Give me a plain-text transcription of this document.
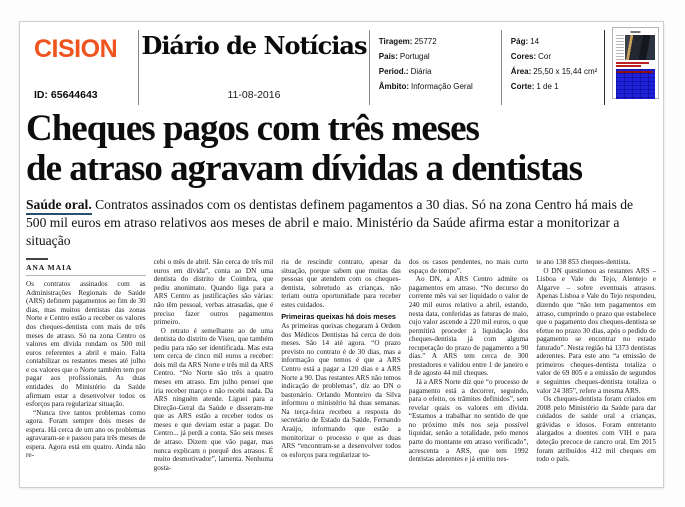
CISION
ID: 65644643
Diário de Notícias
11-08-2016
Tiragem: 25772
País: Portugal
Period.: Diária
Âmbito: Informação Geral
Pág: 14
Cores: Cor
Área: 25,50 x 15,44 cm²
Corte: 1 de 1
Cheques pagos com três meses
de atraso agravam dívidas a dentistas
Saúde oral. Contratos assinados com os dentistas definem pagamentos a 30 dias. Só na zona Centro há mais de 500 mil euros em atraso relativos aos meses de abril e maio. Ministério da Saúde afirma estar a monitorizar a situação
ANA MAIA

Os contratos assinados com as Administrações Regionais de Saúde (ARS) definem pagamentos ao fim de 30 dias, mas muitos dentistas das zonas Norte e Centro estão a receber os valores dos cheques-dentista com mais de três meses de atraso. Só na zona Centro os valores em dívida rondam os 500 mil euros referentes a abril e maio. Falta contabilizar os restantes meses até julho e os valores que o Norte também tem por pagar aos profissionais. As duas entidades do Ministério da Saúde afirmam estar a desenvolver todos os esforços para regularizar situação.

“Nunca tive tantos problemas como agora. Foram sempre dois meses de espera. Há cerca de um ano os problemas agravaram-se e passou para três meses de espera. Agora está em quatro. Ainda não re-

cebi o mês de abril. São cerca de três mil euros em dívida”, conta ao DN uma dentista do distrito de Coimbra, que pediu anonimato. Quando liga para a ARS Centro as justificações são várias: não têm pessoal, verbas atrasadas, que é preciso fazer outros pagamentos primeiro.

O retrato é semelhante ao de uma dentista do distrito de Viseu, que também pediu para não ser identificada. Mas esta tem cerca de cinco mil euros a receber: dois mil da ARS Norte e três mil da ARS Centro. “No Norte são três a quatro meses em atraso. Em julho pensei que iria receber março e não recebi nada. Da ARS ninguém atende. Liguei para a Direção-Geral da Saúde e disseram-me que as ARS estão a receber todos os meses e que deviam estar a pagar. Do Centro... já perdi a conta. São seis meses de atraso. Dizem que vão pagar, mas nunca explicam o porquê dos atrasos. É muito desmotivador”, lamenta. Nenhuma gosta-

ria de rescindir contrato, apesar da situação, porque sabem que muitas das pessoas que atendem com os cheques-dentista, sobretudo as crianças, não teriam outra oportunidade para receber estes cuidados.

Primeiras queixas há dois meses

As primeiras queixas chegaram à Ordem dos Médicos Dentistas há cerca de dois meses. São 14 até agora. “O prazo previsto no contrato é de 30 dias, mas a informação que temos é que a ARS Centro está a pagar a 120 dias e a ARS Norte a 90. Das restantes ARS não temos indicação de problemas”, diz ao DN o bastonário. Orlando Monteiro da Silva informou o ministério há duas semanas. Na terça-feira recebeu a resposta do secretário de Estado da Saúde, Fernando Araújo, informando que estão a monitorizar o processo e que as duas ARS “encontram-se a desenvolver todos os esforços para regularizar to-

dos os casos pendentes, no mais curto espaço de tempo”.

Ao DN, a ARS Centro admite os pagamentos em atraso. “No decurso do corrente mês vai ser liquidado o valor de 240 mil euros relativo a abril, estando, nesta data, conferidas as faturas de maio, cujo valor ascende a 220 mil euros, o que permitirá proceder à liquidação dos cheques-dentista já com alguma recuperação do prazo de pagamento a 90 dias.” A ARS tem cerca de 300 prestadores e validou entre 1 de janeiro e 8 de agosto 44 mil cheques.

Já a ARS Norte diz que “o processo de pagamento está a decorrer, seguindo, para o efeito, os trâmites definidos”, sem revelar quais os valores em dívida. “Estamos a trabalhar no sentido de que no próximo mês nos seja possível liquidar, senão a totalidade, pelo menos parte do montante em atraso verificado”, acrescenta a ARS, que tem 1992 dentistas aderentes e já emitiu nes-

te ano 138 853 cheques-dentista.

O DN questionou as restantes ARS – Lisboa e Vale do Tejo, Alentejo e Algarve – sobre eventuais atrasos. Apenas Lisboa e Vale do Tejo respondeu, dizendo que “não tem pagamentos em atraso, cumprindo o prazo que estabelece que o pagamento dos cheques-dentista se efetue no prazo 30 dias, após o pedido de pagamento se encontrar no estado faturado”. Nesta região há 1373 dentistas aderentes. Para este ano “a emissão de primeiros cheques-dentista totaliza o valor de 69 805 e a emissão de segundos e seguintes cheques-dentista totaliza o valor 24 385”, refere a mesma ARS.

Os cheques-dentista foram criados em 2008 pelo Ministério da Saúde para dar cuidados de saúde oral a crianças, grávidas e idosos. Foram entretanto alargados a doentes com VIH e para deteção precoce de cancro oral. Em 2015 foram atribuídos 412 mil cheques em todo o país.
